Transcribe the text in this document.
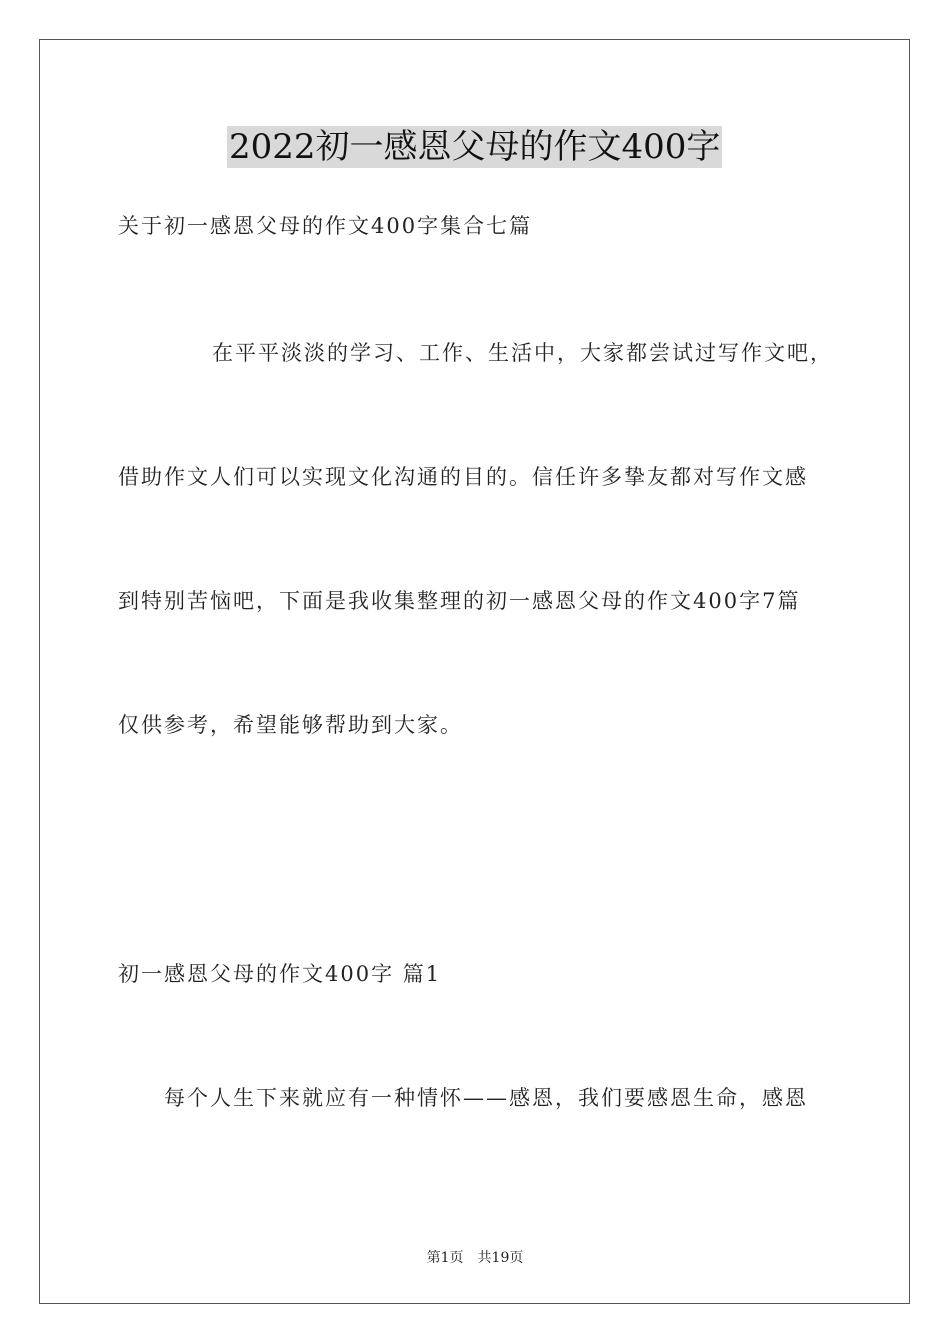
2022初一感恩父母的作文400字
关于初一感恩父母的作文400字集合七篇
在平平淡淡的学习、工作、生活中，大家都尝试过写作文吧，
借助作文人们可以实现文化沟通的目的。信任许多挚友都对写作文感
到特别苦恼吧，下面是我收集整理的初一感恩父母的作文400字7篇
仅供参考，希望能够帮助到大家。
初一感恩父母的作文400字 篇1
每个人生下来就应有一种情怀——感恩，我们要感恩生命，感恩
第1页 共19页
